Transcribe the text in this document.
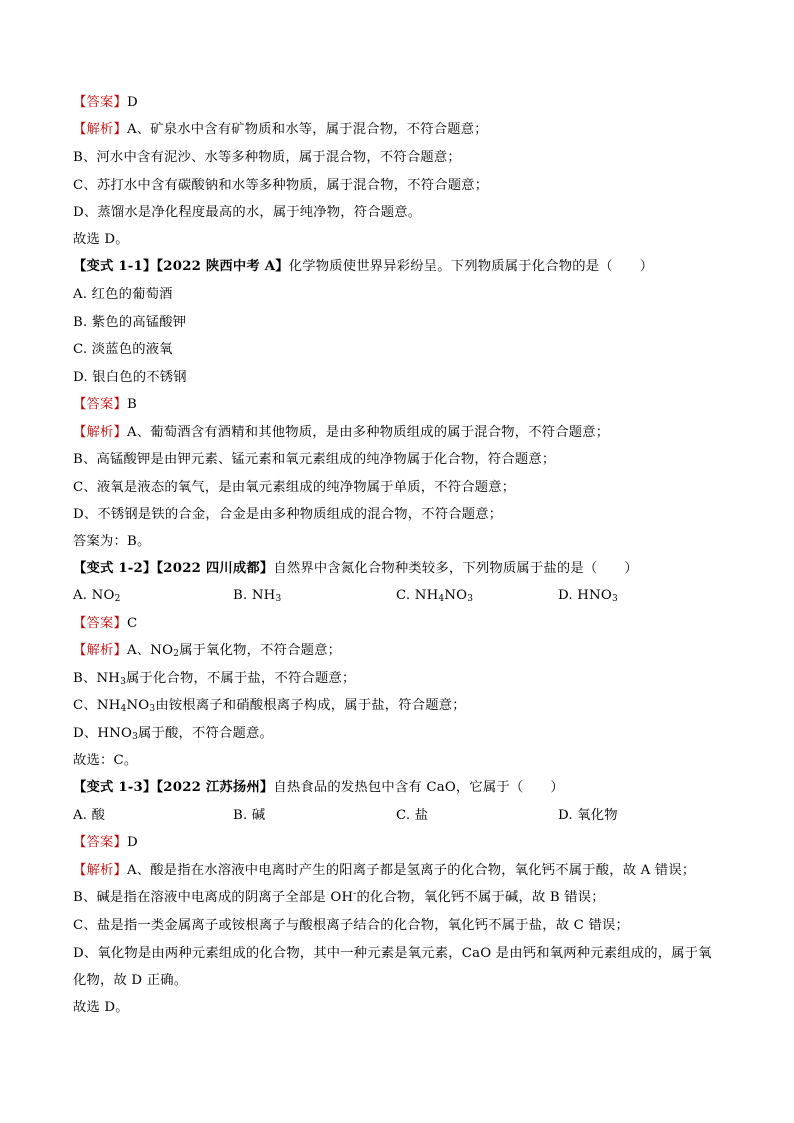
【答案】D
【解析】A、矿泉水中含有矿物质和水等，属于混合物，不符合题意；
B、河水中含有泥沙、水等多种物质，属于混合物，不符合题意；
C、苏打水中含有碳酸钠和水等多种物质，属于混合物，不符合题意；
D、蒸馏水是净化程度最高的水，属于纯净物，符合题意。
故选 D。
【变式 1-1】【2022 陕西中考 A】化学物质使世界异彩纷呈。下列物质属于化合物的是（　　）
A. 红色的葡萄酒
B. 紫色的高锰酸钾
C. 淡蓝色的液氧
D. 银白色的不锈钢
【答案】B
【解析】A、葡萄酒含有酒精和其他物质，是由多种物质组成的属于混合物，不符合题意；
B、高锰酸钾是由钾元素、锰元素和氧元素组成的纯净物属于化合物，符合题意；
C、液氧是液态的氧气，是由氧元素组成的纯净物属于单质，不符合题意；
D、不锈钢是铁的合金，合金是由多种物质组成的混合物，不符合题意；
答案为：B。
【变式 1-2】【2022 四川成都】自然界中含氮化合物种类较多，下列物质属于盐的是（　　）
A. $NO_2$	B. $NH_3$	C. $NH_4NO_3$	D. $HNO_3$
【答案】C
【解析】A、$NO_2$属于氧化物，不符合题意；
B、$NH_3$属于化合物，不属于盐，不符合题意；
C、$NH_4NO_3$由铵根离子和硝酸根离子构成，属于盐，符合题意；
D、$HNO_3$属于酸，不符合题意。
故选：C。
【变式 1-3】【2022 江苏扬州】自热食品的发热包中含有 CaO，它属于（　　）
A. 酸	B. 碱	C. 盐	D. 氧化物
【答案】D
【解析】A、酸是指在水溶液中电离时产生的阳离子都是氢离子的化合物，氧化钙不属于酸，故 A 错误；
B、碱是指在溶液中电离成的阴离子全部是 OH-的化合物，氧化钙不属于碱，故 B 错误；
C、盐是指一类金属离子或铵根离子与酸根离子结合的化合物，氧化钙不属于盐，故 C 错误；
D、氧化物是由两种元素组成的化合物，其中一种元素是氧元素，CaO 是由钙和氧两种元素组成的，属于氧
化物，故 D 正确。
故选 D。
